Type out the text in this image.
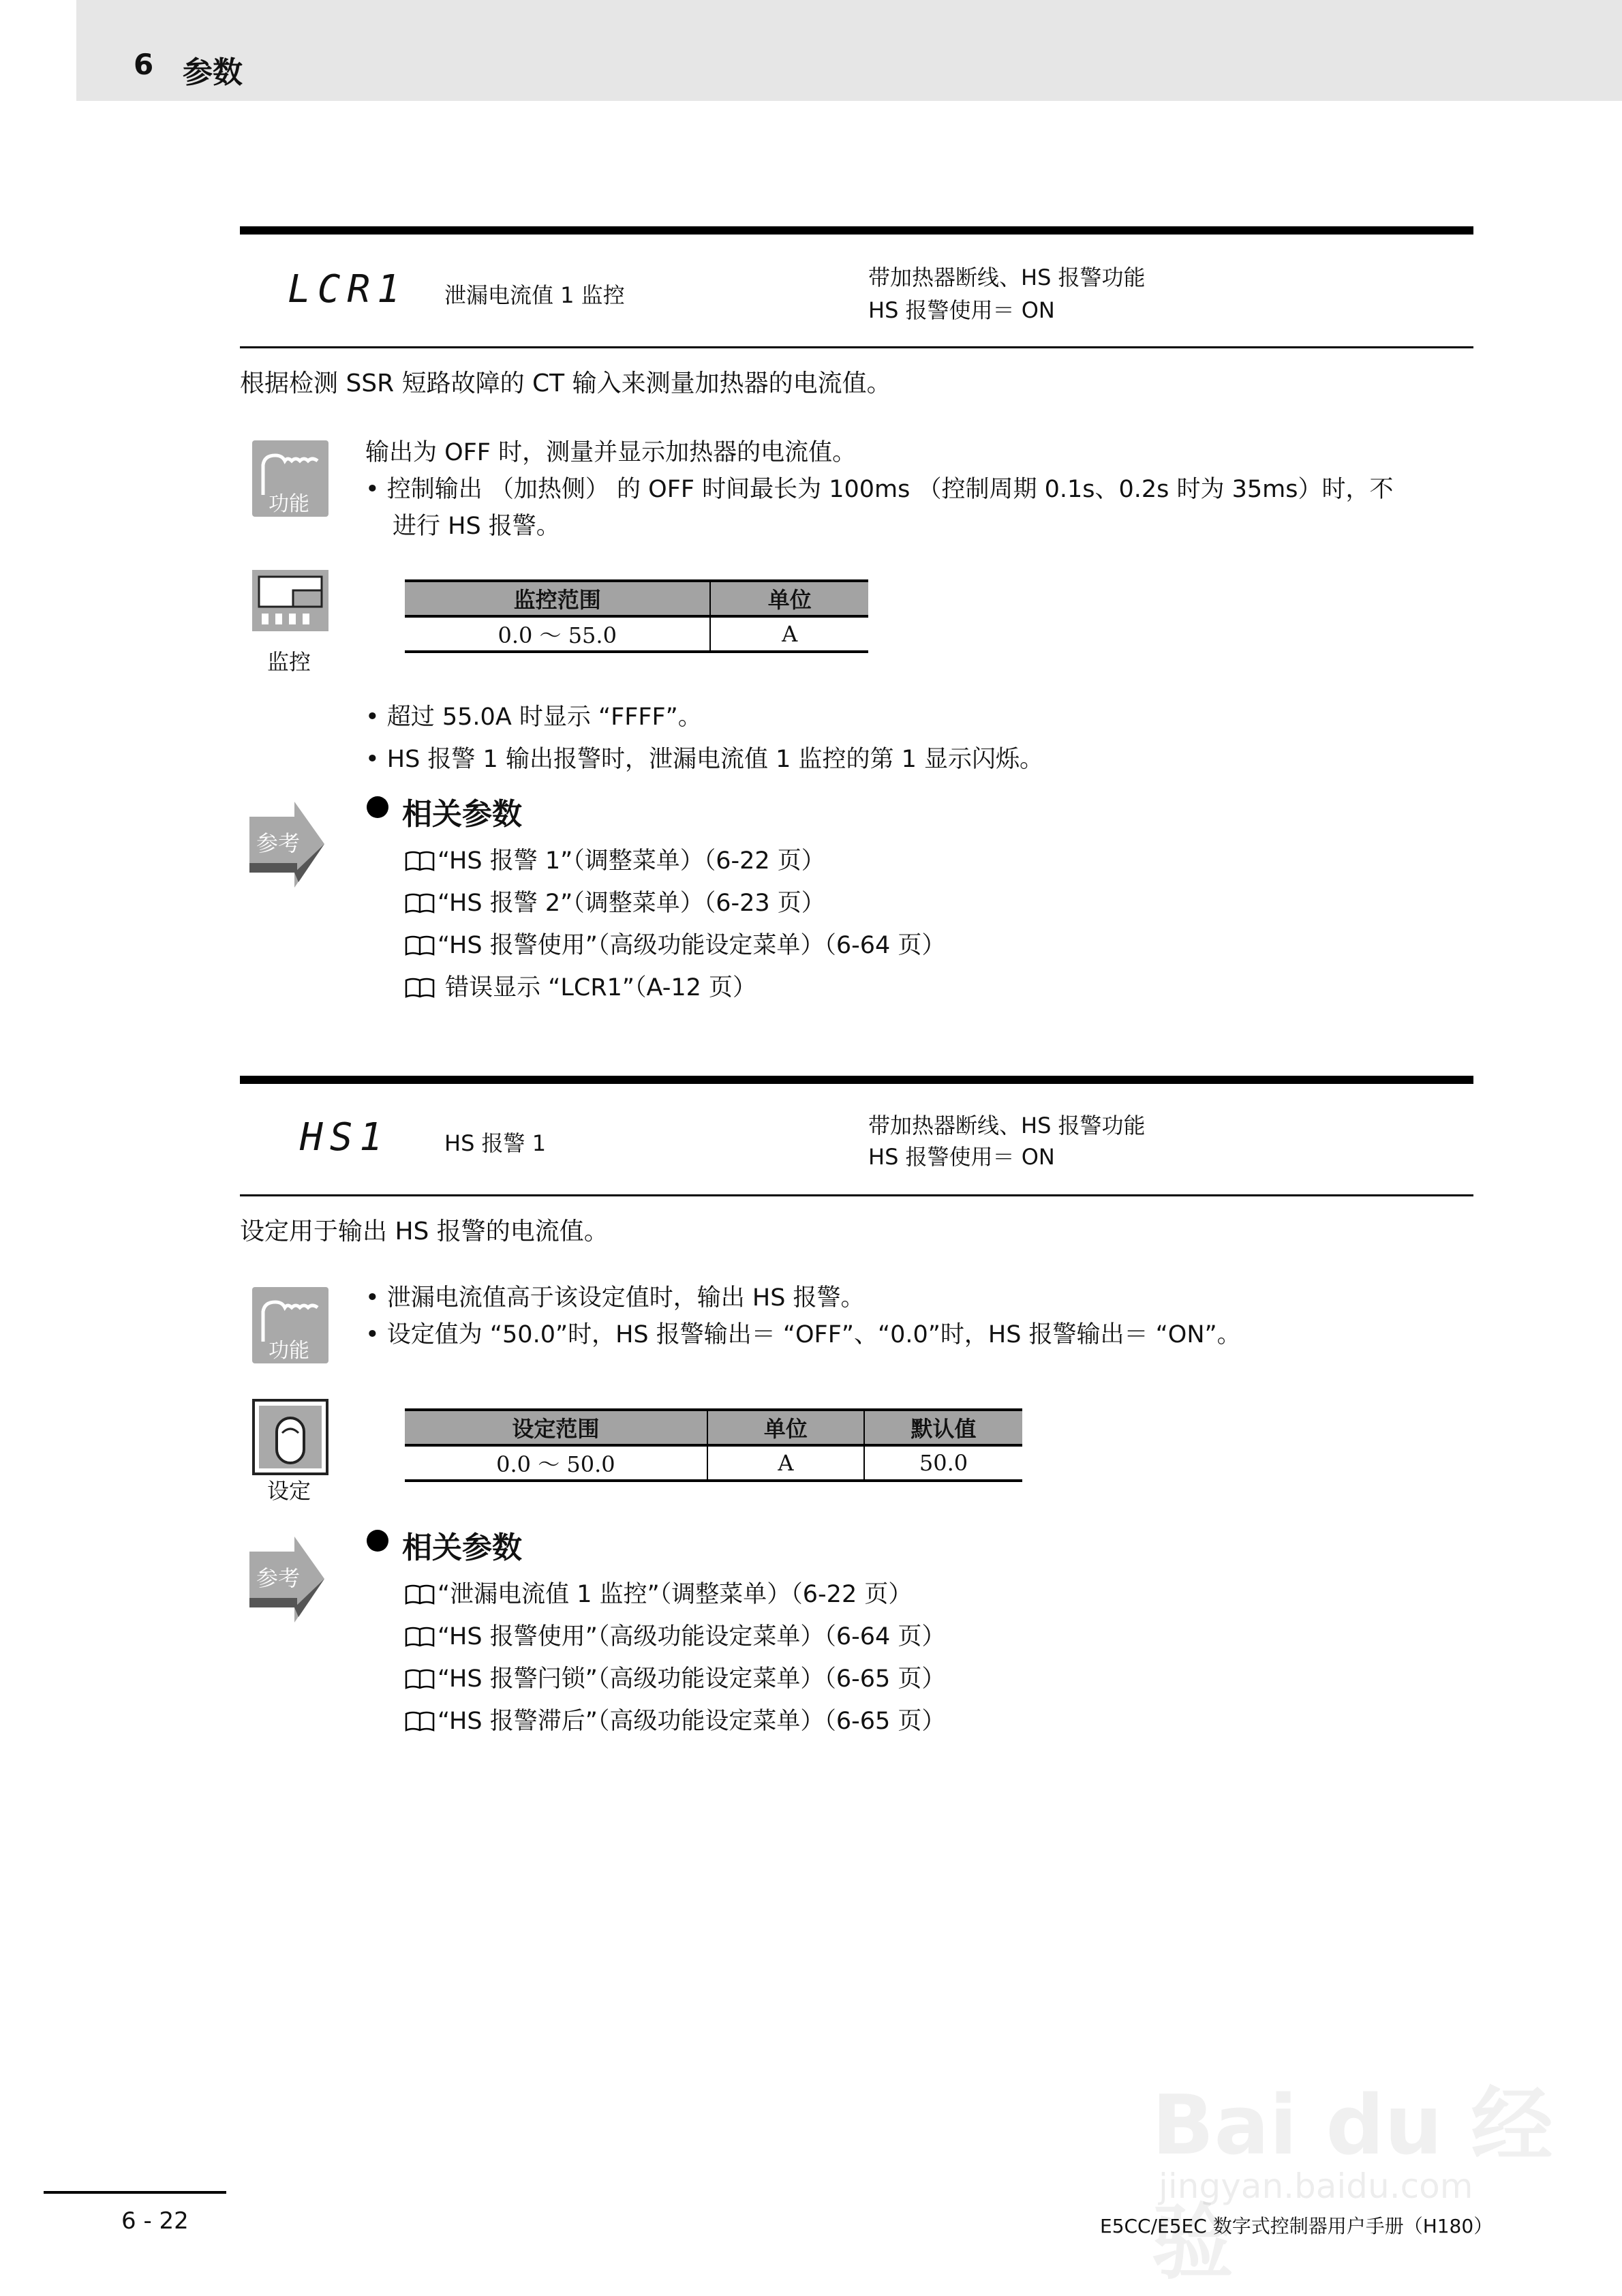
6 参数
LCR1 泄漏电流值 1 监控
带加热器断线、HS 报警功能
HS 报警使用＝ ON
根据检测 SSR 短路故障的 CT 输入来测量加热器的电流值。
功能
输出为 OFF 时，测量并显示加热器的电流值。
• 控制输出 （加热侧） 的 OFF 时间最长为 100ms （控制周期 0.1s、0.2s 时为 35ms）时，不
进行 HS 报警。
监控
监控范围	单位
0.0 ～ 55.0	A
• 超过 55.0A 时显示 “FFFF”。
• HS 报警 1 输出报警时，泄漏电流值 1 监控的第 1 显示闪烁。
参考
相关参数
“HS 报警 1”（调整菜单）（6-22 页）
“HS 报警 2”（调整菜单）（6-23 页）
“HS 报警使用”（高级功能设定菜单）（6-64 页）
错误显示 “LCR1”（A-12 页）
HS1	HS 报警 1
带加热器断线、HS 报警功能
HS 报警使用＝ ON
设定用于输出 HS 报警的电流值。
功能
• 泄漏电流值高于该设定值时，输出 HS 报警。
• 设定值为 “50.0”时，HS 报警输出＝ “OFF”、“0.0”时，HS 报警输出＝ “ON”。
设定
设定范围	单位	默认值
0.0 ～ 50.0	A	50.0
参考
相关参数
“泄漏电流值 1 监控”（调整菜单）（6-22 页）
“HS 报警使用”（高级功能设定菜单）（6-64 页）
“HS 报警闩锁”（高级功能设定菜单）（6-65 页）
“HS 报警滞后”（高级功能设定菜单）（6-65 页）
Bai du 经验
jingyan.baidu.com
6 - 22	E5CC/E5EC 数字式控制器用户手册（H180）
